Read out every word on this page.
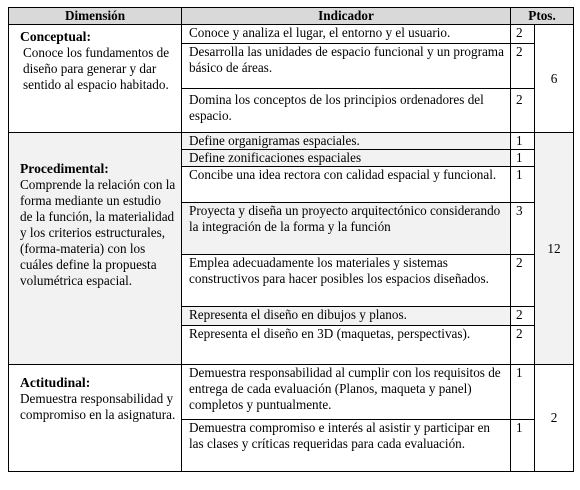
Dimensión	Indicador	Ptos.	

Conceptual:
Conoce los fundamentos de diseño para generar y dar sentido al espacio habitado.	Conoce y analiza el lugar, el entorno y el usuario.	2	6
	Desarrolla las unidades de espacio funcional y un programa básico de áreas.	2	
	Domina los conceptos de los principios ordenadores del espacio.	2	

Procedimental:
Comprende la relación con la forma mediante un estudio de la función, la materialidad y los criterios estructurales, (forma-materia) con los cuáles define la propuesta volumétrica espacial.	Define organigramas espaciales.	1	12
	Define zonificaciones espaciales	1	
	Concibe una idea rectora con calidad espacial y funcional.	1	
	Proyecta y diseña un proyecto arquitectónico considerando la integración de la forma y la función	3	
	Emplea adecuadamente los materiales y sistemas constructivos para hacer posibles los espacios diseñados.	2	
	Representa el diseño en dibujos y planos.	2	
	Representa el diseño en 3D (maquetas, perspectivas).	2	

Actitudinal:
Demuestra responsabilidad y compromiso en la asignatura.	Demuestra responsabilidad al cumplir con los requisitos de entrega de cada evaluación (Planos, maqueta y panel) completos y puntualmente.	1	2
	Demuestra compromiso e interés al asistir y participar en las clases y críticas requeridas para cada evaluación.	1	
